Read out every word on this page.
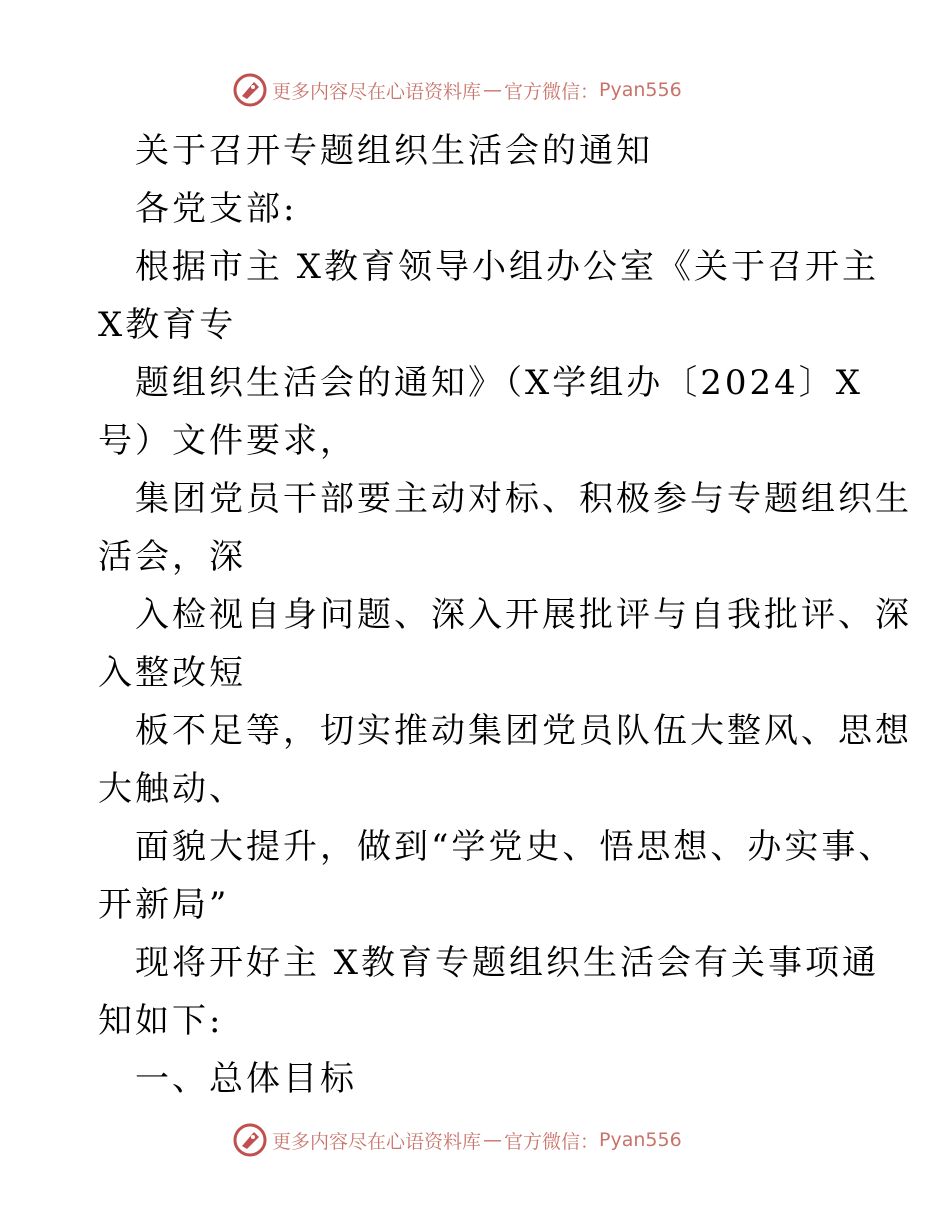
更多内容尽在心语资料库 — 官方微信： Pyan556
关于召开专题组织生活会的通知
各党支部:
根据市主 X教育领导小组办公室《关于召开主
X教育专
题组织生活会的通知》（X学组办〔2024〕X
号）文件要求，
集团党员干部要主动对标、积极参与专题组织生
活会，深
入检视自身问题、深入开展批评与自我批评、深
入整改短
板不足等，切实推动集团党员队伍大整风、思想
大触动、
面貌大提升，做到“学党史、悟思想、办实事、
开新局”
现将开好主 X教育专题组织生活会有关事项通
知如下:
一、总体目标
更多内容尽在心语资料库 — 官方微信： Pyan556
